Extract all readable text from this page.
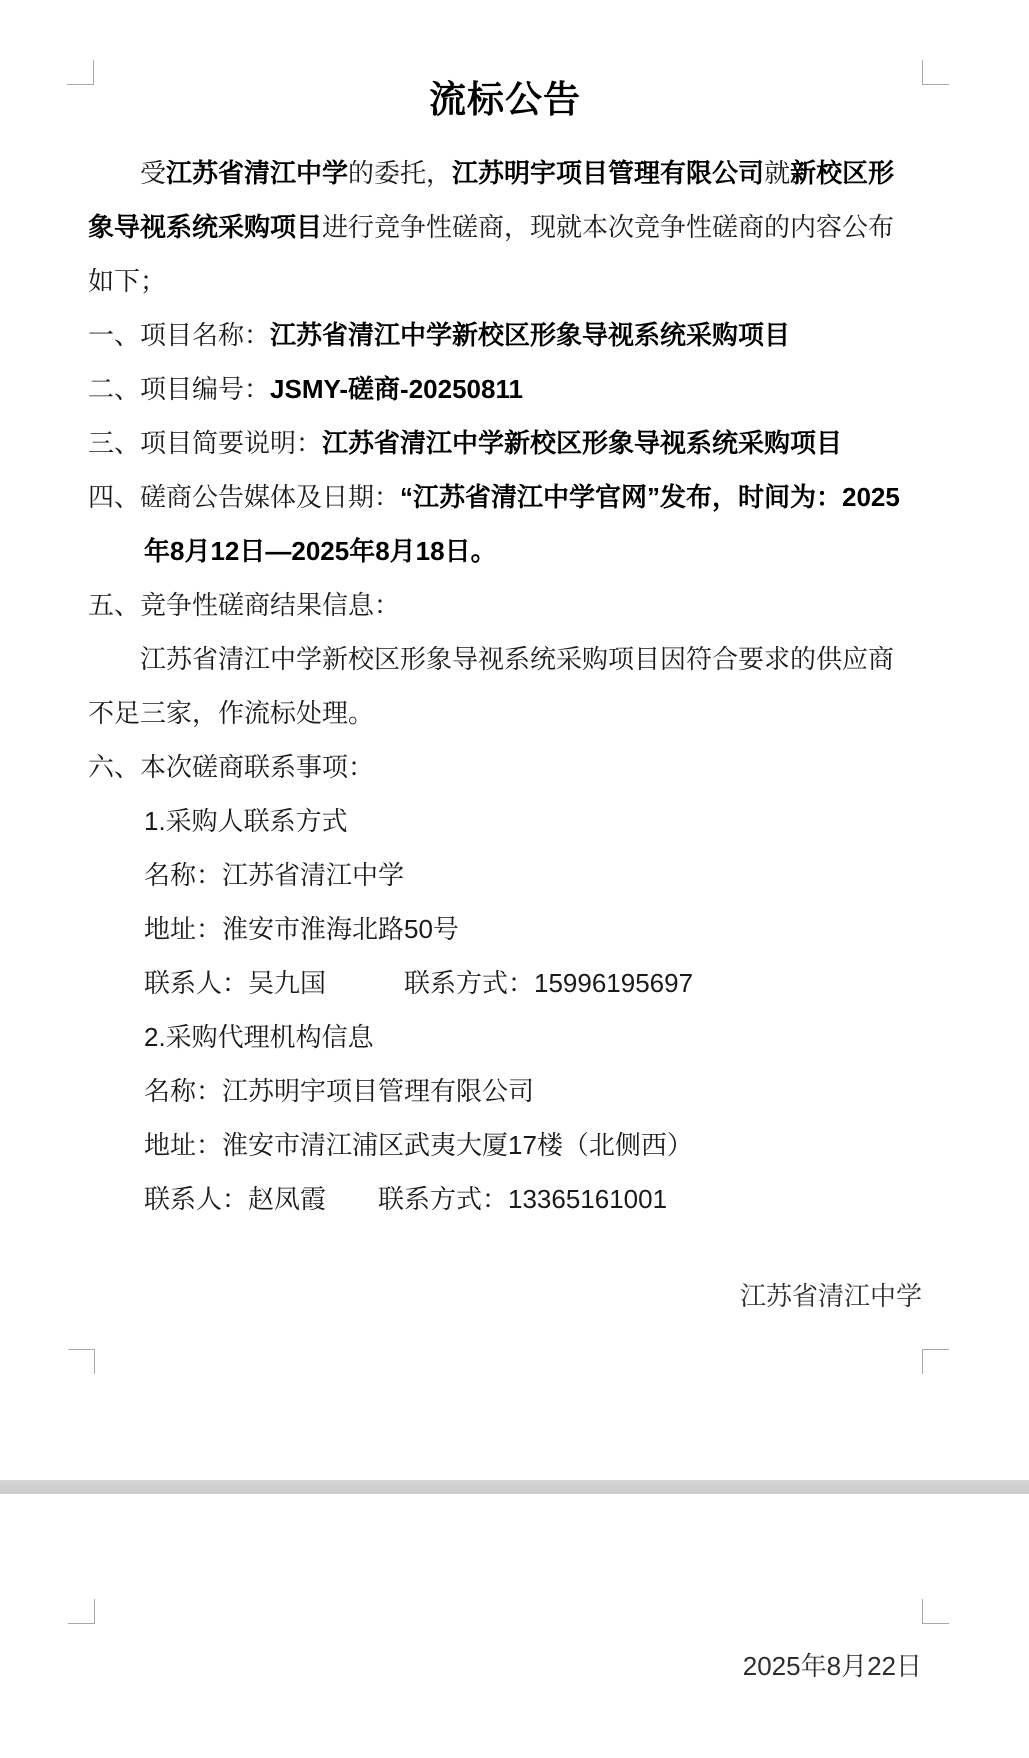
流标公告
受江苏省清江中学的委托，江苏明宇项目管理有限公司就新校区形
象导视系统采购项目进行竞争性磋商，现就本次竞争性磋商的内容公布
如下；
一、项目名称：江苏省清江中学新校区形象导视系统采购项目
二、项目编号：JSMY-磋商-20250811
三、项目简要说明：江苏省清江中学新校区形象导视系统采购项目
四、磋商公告媒体及日期：“江苏省清江中学官网”发布，时间为：2025
年8月12日—2025年8月18日。
五、竞争性磋商结果信息：
江苏省清江中学新校区形象导视系统采购项目因符合要求的供应商
不足三家，作流标处理。
六、本次磋商联系事项：
1.采购人联系方式
名称：江苏省清江中学
地址：淮安市淮海北路50号
联系人：吴九国　　　联系方式：15996195697
2.采购代理机构信息
名称：江苏明宇项目管理有限公司
地址：淮安市清江浦区武夷大厦17楼（北侧西）
联系人：赵凤霞　　联系方式：13365161001
江苏省清江中学
2025年8月22日
